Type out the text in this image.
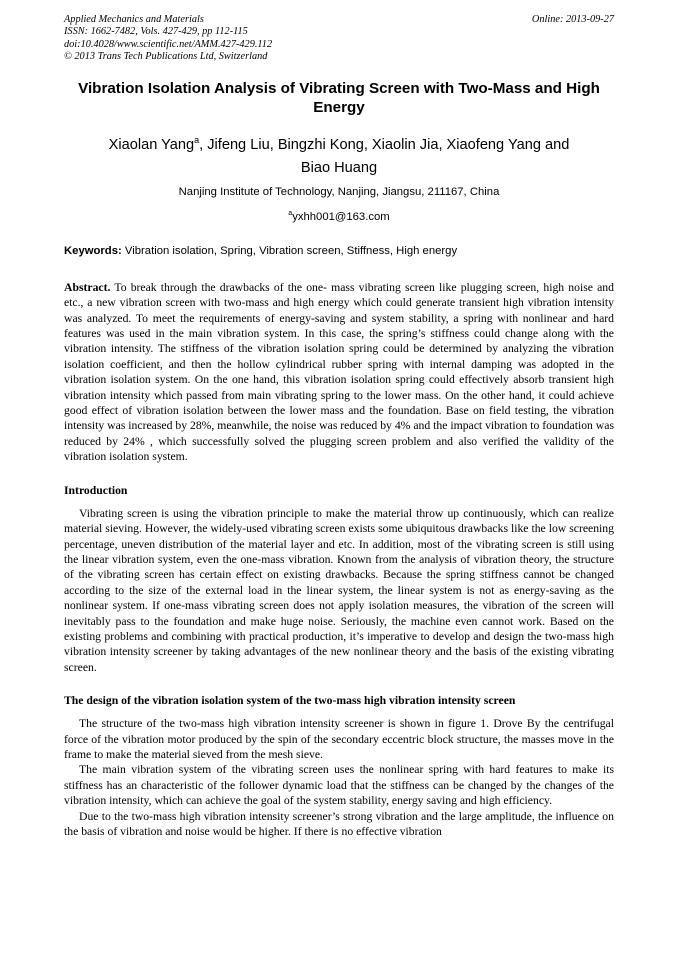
Applied Mechanics and Materials
ISSN: 1662-7482, Vols. 427-429, pp 112-115
doi:10.4028/www.scientific.net/AMM.427-429.112
© 2013 Trans Tech Publications Ltd, Switzerland
Online: 2013-09-27
Vibration Isolation Analysis of Vibrating Screen with Two-Mass and High Energy
Xiaolan Yang$^a$, Jifeng Liu, Bingzhi Kong, Xiaolin Jia, Xiaofeng Yang and Biao Huang
Nanjing Institute of Technology, Nanjing, Jiangsu, 211167, China
$^a$yxhh001@163.com
Keywords: Vibration isolation, Spring, Vibration screen, Stiffness, High energy
Abstract. To break through the drawbacks of the one- mass vibrating screen like plugging screen, high noise and etc., a new vibration screen with two-mass and high energy which could generate transient high vibration intensity was analyzed. To meet the requirements of energy-saving and system stability, a spring with nonlinear and hard features was used in the main vibration system. In this case, the spring’s stiffness could change along with the vibration intensity. The stiffness of the vibration isolation spring could be determined by analyzing the vibration isolation coefficient, and then the hollow cylindrical rubber spring with internal damping was adopted in the vibration isolation system. On the one hand, this vibration isolation spring could effectively absorb transient high vibration intensity which passed from main vibrating spring to the lower mass. On the other hand, it could achieve good effect of vibration isolation between the lower mass and the foundation. Base on field testing, the vibration intensity was increased by 28%, meanwhile, the noise was reduced by 4% and the impact vibration to foundation was reduced by 24% , which successfully solved the plugging screen problem and also verified the validity of the vibration isolation system.
Introduction

Vibrating screen is using the vibration principle to make the material throw up continuously, which can realize material sieving. However, the widely-used vibrating screen exists some ubiquitous drawbacks like the low screening percentage, uneven distribution of the material layer and etc. In addition, most of the vibrating screen is still using the linear vibration system, even the one-mass vibration. Known from the analysis of vibration theory, the structure of the vibrating screen has certain effect on existing drawbacks. Because the spring stiffness cannot be changed according to the size of the external load in the linear system, the linear system is not as energy-saving as the nonlinear system. If one-mass vibrating screen does not apply isolation measures, the vibration of the screen will inevitably pass to the foundation and make huge noise. Seriously, the machine even cannot work. Based on the existing problems and combining with practical production, it’s imperative to develop and design the two-mass high vibration intensity screener by taking advantages of the new nonlinear theory and the basis of the existing vibrating screen.

The design of the vibration isolation system of the two-mass high vibration intensity screen

The structure of the two-mass high vibration intensity screener is shown in figure 1. Drove By the centrifugal force of the vibration motor produced by the spin of the secondary eccentric block structure, the masses move in the frame to make the material sieved from the mesh sieve.

The main vibration system of the vibrating screen uses the nonlinear spring with hard features to make its stiffness has an characteristic of the follower dynamic load that the stiffness can be changed by the changes of the vibration intensity, which can achieve the goal of the system stability, energy saving and high efficiency.

Due to the two-mass high vibration intensity screener’s strong vibration and the large amplitude, the influence on the basis of vibration and noise would be higher. If there is no effective vibration
